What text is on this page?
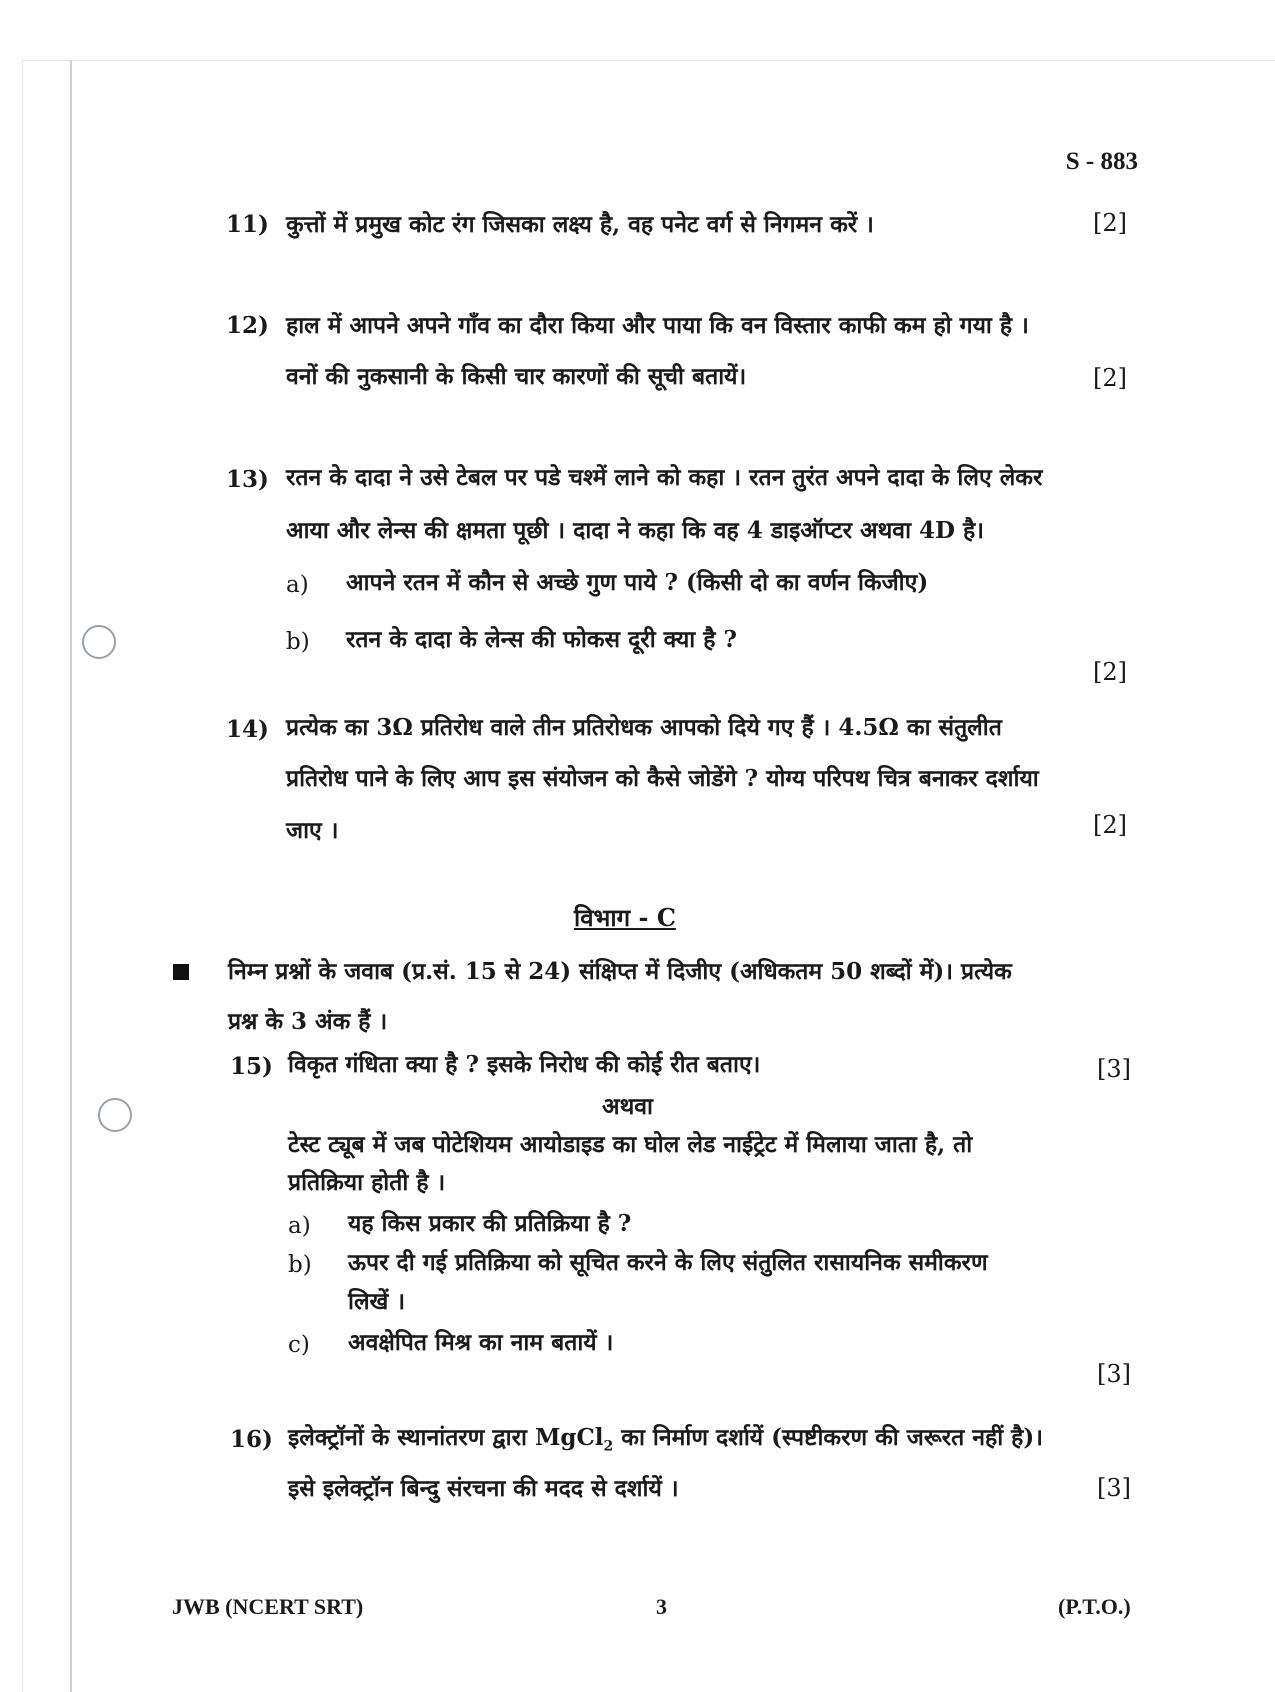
S - 883
11) कुत्तों में प्रमुख कोट रंग जिसका लक्ष्य है, वह पनेट वर्ग से निगमन करें ।	[2]
12) हाल में आपने अपने गाँव का दौरा किया और पाया कि वन विस्तार काफी कम हो गया है ।
वनों की नुकसानी के किसी चार कारणों की सूची बतायें।	[2]
13) रतन के दादा ने उसे टेबल पर पडे चश्में लाने को कहा । रतन तुरंत अपने दादा के लिए लेकर
आया और लेन्स की क्षमता पूछी । दादा ने कहा कि वह 4 डाइऑप्टर अथवा 4D है।
a) आपने रतन में कौन से अच्छे गुण पाये ? (किसी दो का वर्णन किजीए)
b) रतन के दादा के लेन्स की फोकस दूरी क्या है ?
[2]
14) प्रत्येक का 3Ω प्रतिरोध वाले तीन प्रतिरोधक आपको दिये गए हैं । 4.5Ω का संतुलीत
प्रतिरोध पाने के लिए आप इस संयोजन को कैसे जोडेंगे ? योग्य परिपथ चित्र बनाकर दर्शाया
जाए ।	[2]
विभाग - C
निम्न प्रश्नों के जवाब (प्र.सं. 15 से 24) संक्षिप्त में दिजीए (अधिकतम 50 शब्दों में)। प्रत्येक
प्रश्न के 3 अंक हैं ।
15) विकृत गंधिता क्या है ? इसके निरोध की कोई रीत बताए।	[3]
अथवा
टेस्ट ट्यूब में जब पोटेशियम आयोडाइड का घोल लेड नाईट्रेट में मिलाया जाता है, तो
प्रतिक्रिया होती है ।
a) यह किस प्रकार की प्रतिक्रिया है ?
b) ऊपर दी गई प्रतिक्रिया को सूचित करने के लिए संतुलित रासायनिक समीकरण
लिखें ।
c) अवक्षेपित मिश्र का नाम बतायें ।
[3]
16) इलेक्ट्रॉनों के स्थानांतरण द्वारा MgCl$_2$ का निर्माण दर्शायें (स्पष्टीकरण की जरूरत नहीं है)।
इसे इलेक्ट्रॉन बिन्दु संरचना की मदद से दर्शायें ।	[3]
JWB (NCERT SRT)	3	(P.T.O.)
